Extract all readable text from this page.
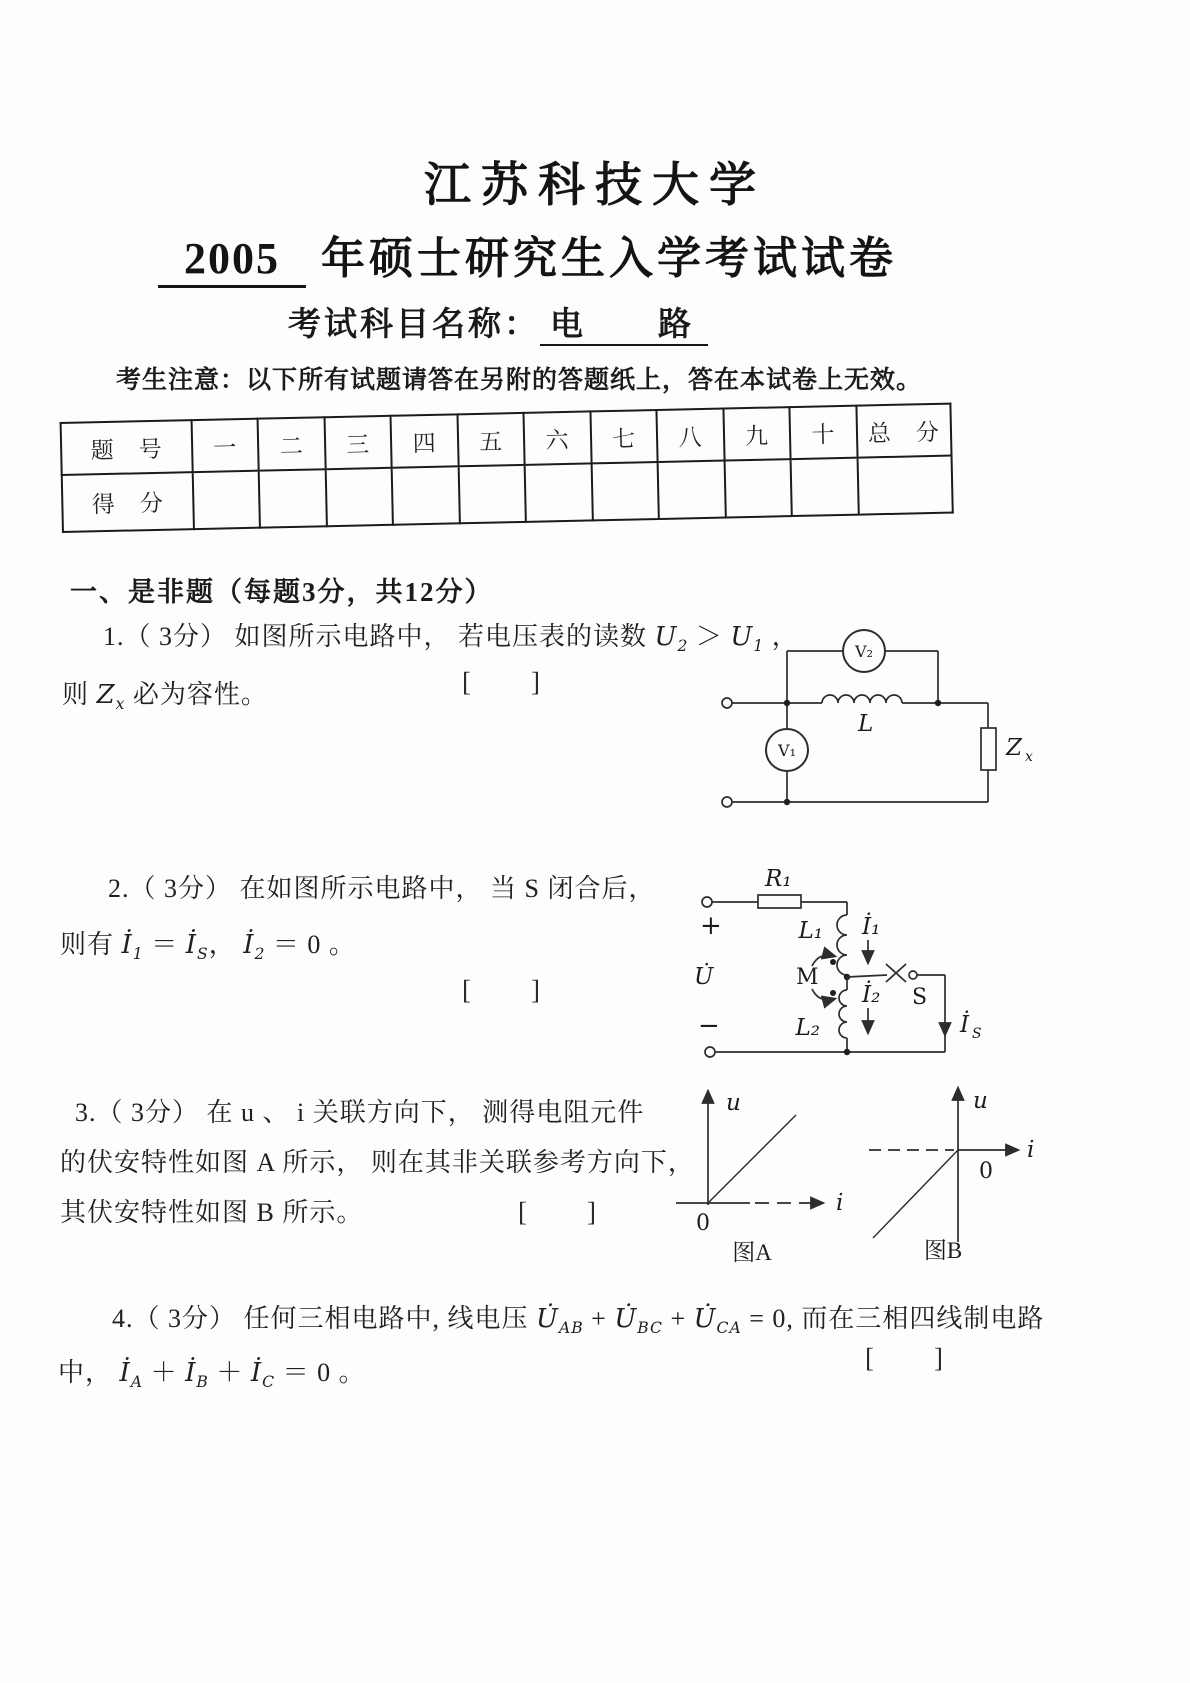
江苏科技大学
2005 年硕士研究生入学考试试卷
考试科目名称： 电　　路
考生注意：以下所有试题请答在另附的答题纸上，答在本试卷上无效。
题　号	一	二	三	四	五	六	七	八	九	十	总　分
得　分											
一、是非题（每题3分，共12分）
1.（ 3分） 如图所示电路中， 若电压表的读数 $U_2 > U_1$ ，
则 $Z_x$ 必为容性。	[　　]
L
V₂
Z x
V₁
2.（ 3分） 在如图所示电路中， 当 S 闭合后，
则有 $İ_1$ ＝ $İ_S$， $İ_2 = 0$ 。
[　　]
+
U̇
−
R₁
L₁ İ₁
S
İ S
L₂
İ₂
M
3.（ 3分） 在 u 、 i 关联方向下， 测得电阻元件
的伏安特性如图 A 所示， 则在其非关联参考方向下，
其伏安特性如图 B 所示。	[　　]
u
i
0
图A
u
i
0
图B
4.（ 3分） 任何三相电路中, 线电压 $U̇_{AB}$ + $U̇_{BC}$ + $U̇_{CA} = 0$, 而在三相四线制电路
中， $İ_A$ ＋ $İ_B$ ＋ $İ_C = 0$ 。	[　　]
